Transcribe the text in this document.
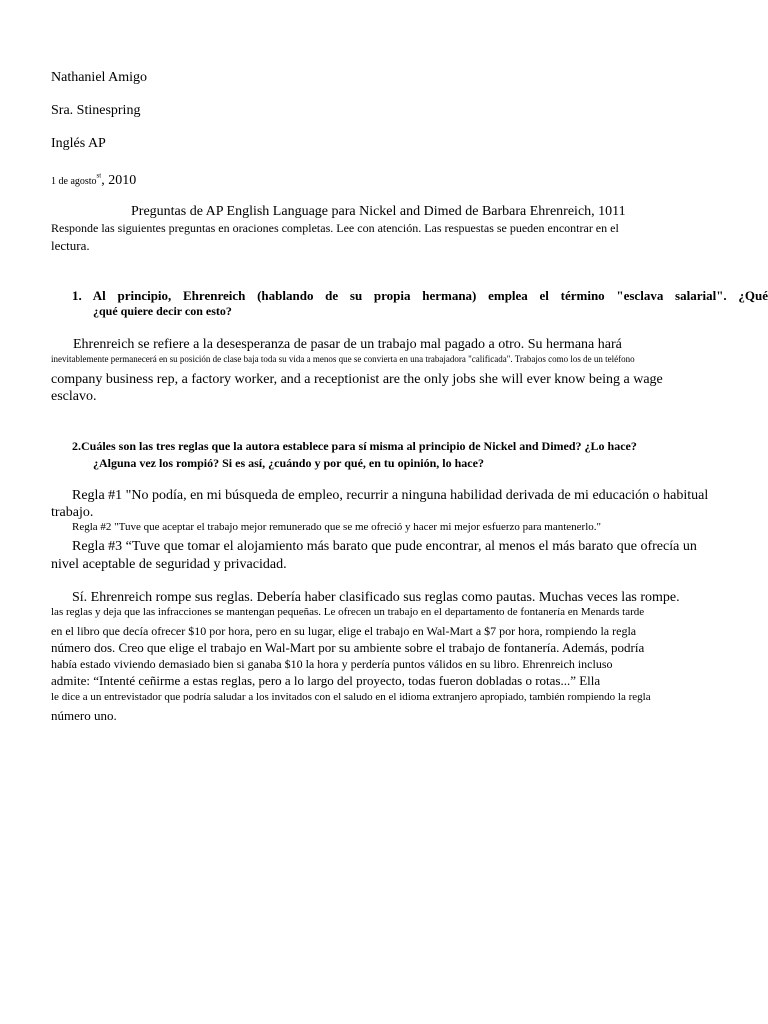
Nathaniel Amigo
Sra. Stinespring
Inglés AP
1 de agosto$^{st}$, 2010
Preguntas de AP English Language para Nickel and Dimed de Barbara Ehrenreich, 1011
Responde las siguientes preguntas en oraciones completas. Lee con atención. Las respuestas se pueden encontrar en el
lectura.
1. Al principio, Ehrenreich (hablando de su propia hermana) emplea el término "esclava salarial". ¿Qué
¿qué quiere decir con esto?
Ehrenreich se refiere a la desesperanza de pasar de un trabajo mal pagado a otro. Su hermana hará
inevitablemente permanecerá en su posición de clase baja toda su vida a menos que se convierta en una trabajadora "calificada". Trabajos como los de un teléfono
company business rep, a factory worker, and a receptionist are the only jobs she will ever know being a wage
esclavo.
2.Cuáles son las tres reglas que la autora establece para sí misma al principio de Nickel and Dimed? ¿Lo hace?
¿Alguna vez los rompió? Si es así, ¿cuándo y por qué, en tu opinión, lo hace?
Regla #1 "No podía, en mi búsqueda de empleo, recurrir a ninguna habilidad derivada de mi educación o habitual
trabajo.
Regla #2 "Tuve que aceptar el trabajo mejor remunerado que se me ofreció y hacer mi mejor esfuerzo para mantenerlo."
Regla #3 “Tuve que tomar el alojamiento más barato que pude encontrar, al menos el más barato que ofrecía un
nivel aceptable de seguridad y privacidad.
Sí. Ehrenreich rompe sus reglas. Debería haber clasificado sus reglas como pautas. Muchas veces las rompe.
las reglas y deja que las infracciones se mantengan pequeñas. Le ofrecen un trabajo en el departamento de fontanería en Menards tarde
en el libro que decía ofrecer $10 por hora, pero en su lugar, elige el trabajo en Wal-Mart a $7 por hora, rompiendo la regla
número dos. Creo que elige el trabajo en Wal-Mart por su ambiente sobre el trabajo de fontanería. Además, podría
había estado viviendo demasiado bien si ganaba $10 la hora y perdería puntos válidos en su libro. Ehrenreich incluso
admite: “Intenté ceñirme a estas reglas, pero a lo largo del proyecto, todas fueron dobladas o rotas...” Ella
le dice a un entrevistador que podría saludar a los invitados con el saludo en el idioma extranjero apropiado, también rompiendo la regla
número uno.
